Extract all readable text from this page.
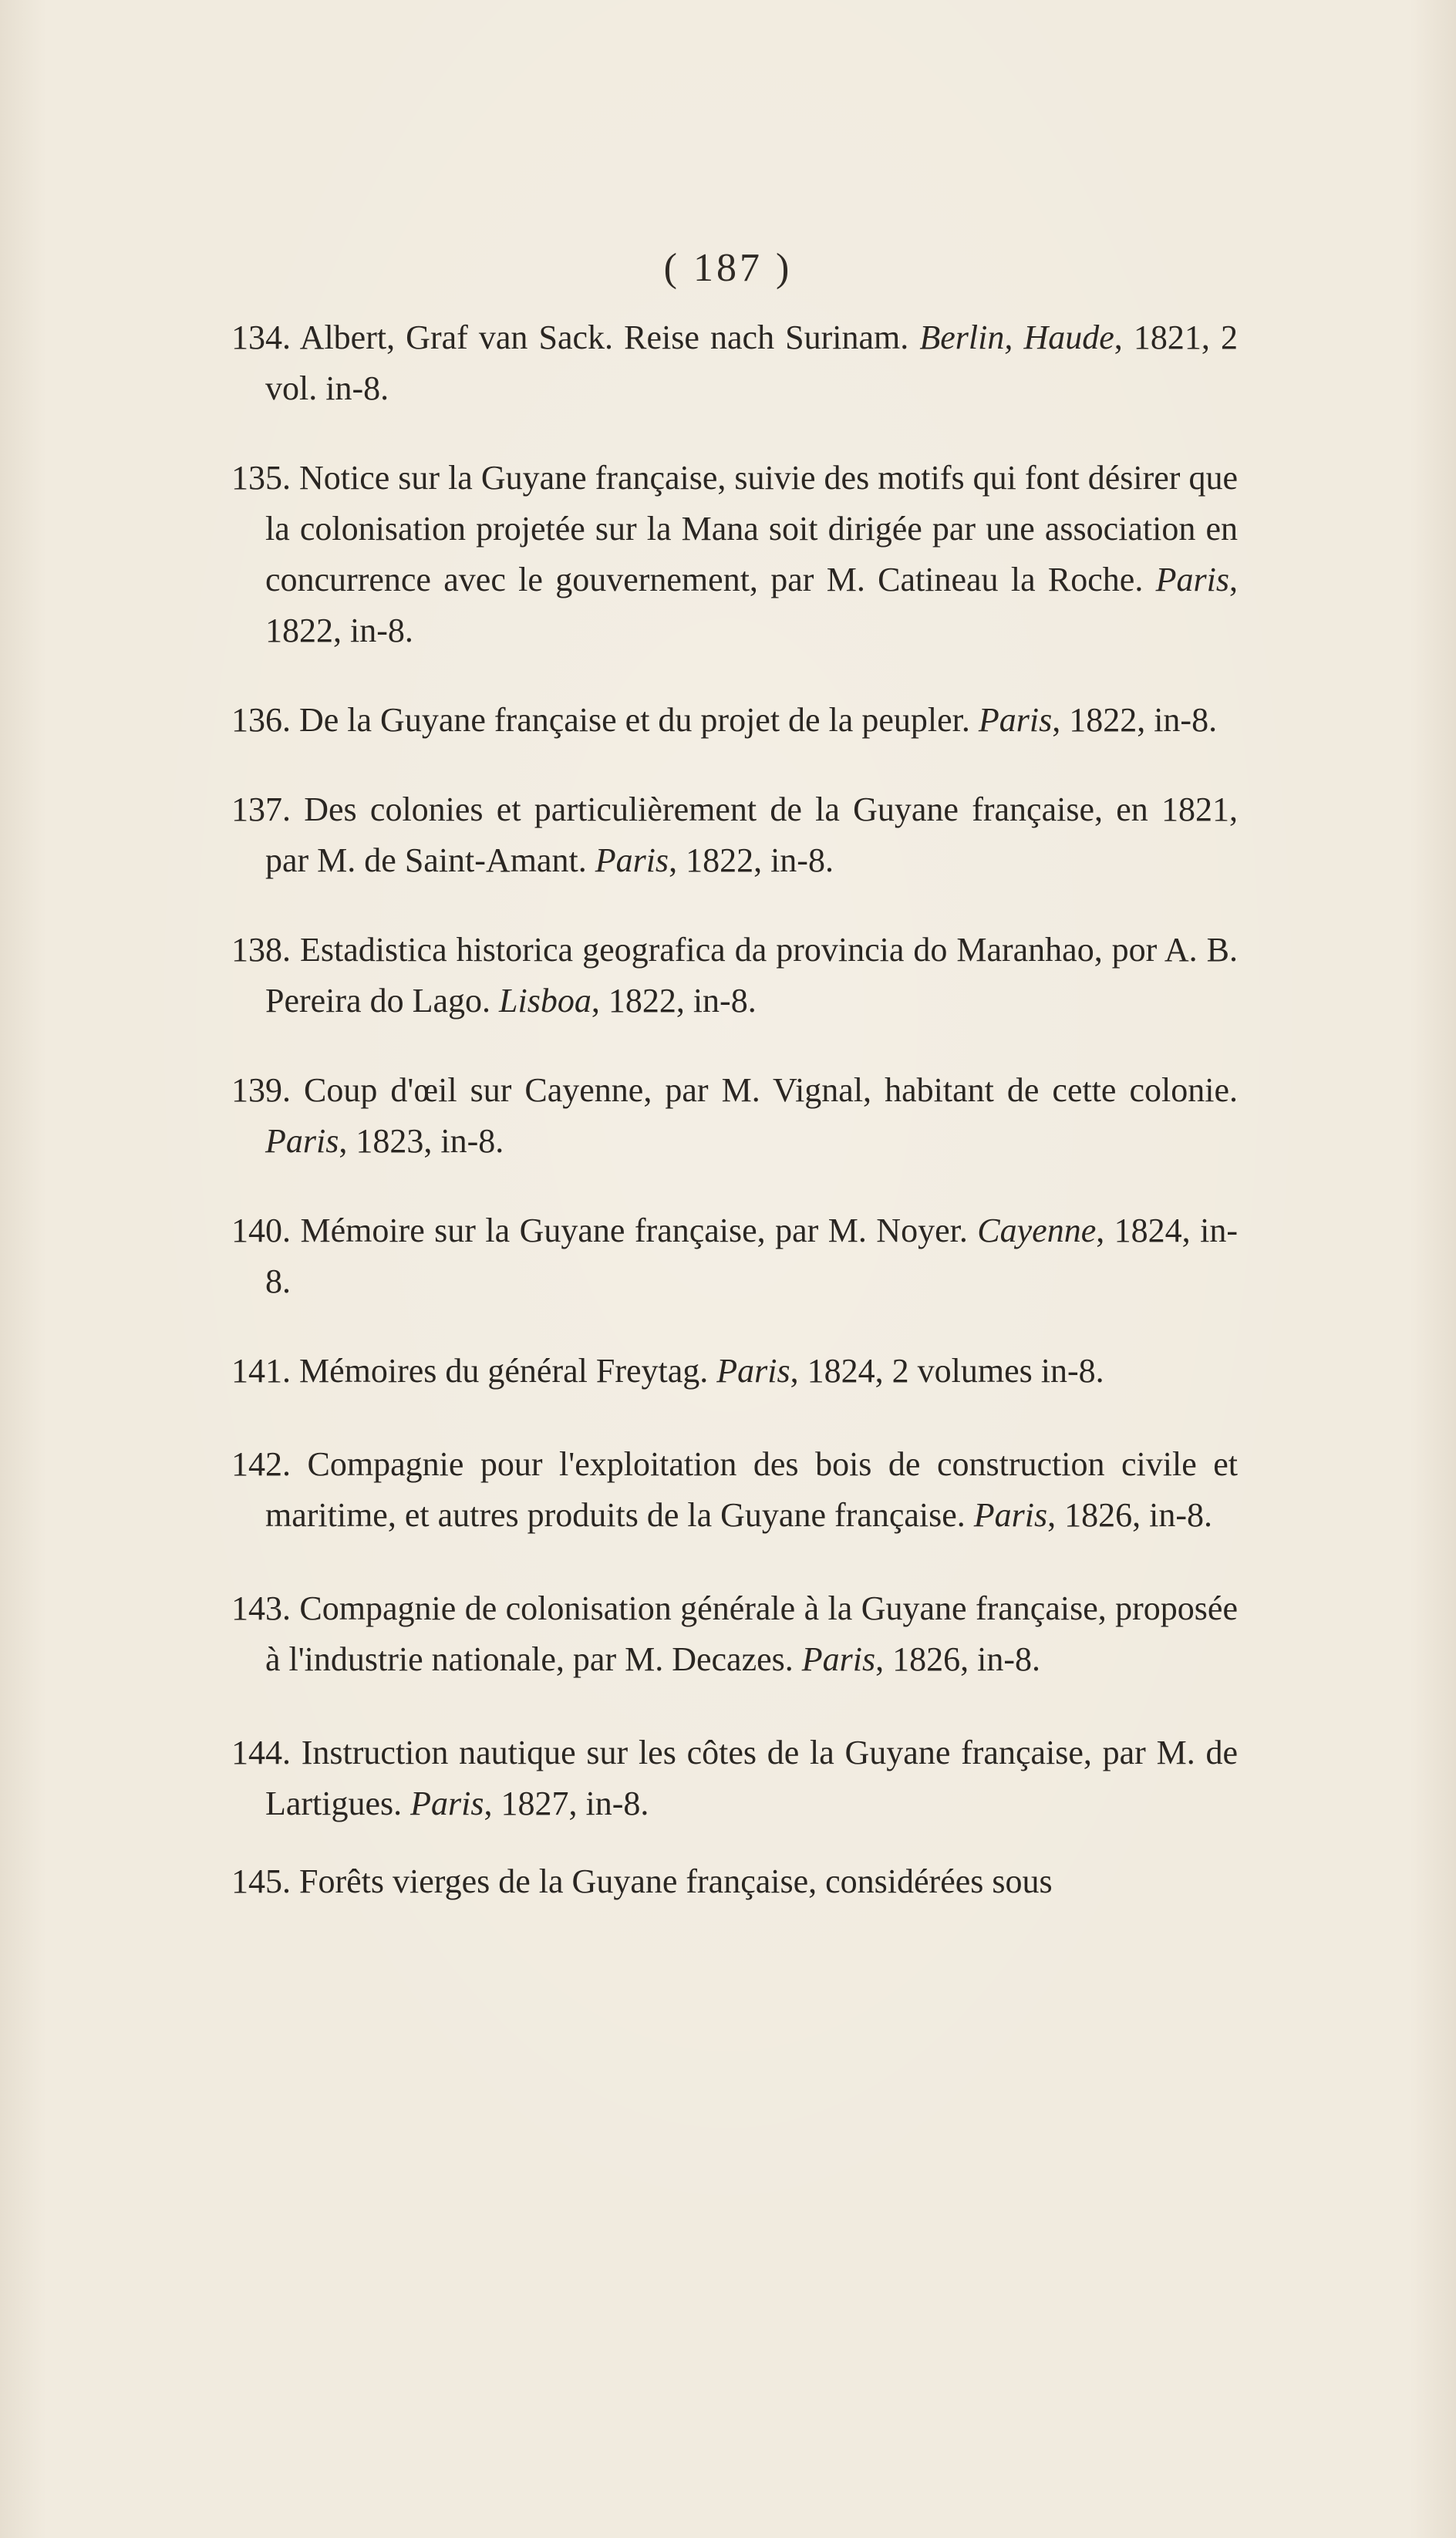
( 187 )

134. Albert, Graf van Sack. Reise nach Surinam. Berlin, Haude, 1821, 2 vol. in-8.

135. Notice sur la Guyane française, suivie des motifs qui font désirer que la colonisation projetée sur la Mana soit dirigée par une association en concurrence avec le gouvernement, par M. Catineau la Roche. Paris, 1822, in-8.

136. De la Guyane française et du projet de la peupler. Paris, 1822, in-8.

137. Des colonies et particulièrement de la Guyane française, en 1821, par M. de Saint-Amant. Paris, 1822, in-8.

138. Estadistica historica geografica da provincia do Maranhao, por A. B. Pereira do Lago. Lisboa, 1822, in-8.

139. Coup d'œil sur Cayenne, par M. Vignal, habitant de cette colonie. Paris, 1823, in-8.

140. Mémoire sur la Guyane française, par M. Noyer. Cayenne, 1824, in-8.

141. Mémoires du général Freytag. Paris, 1824, 2 volumes in-8.

142. Compagnie pour l'exploitation des bois de construction civile et maritime, et autres produits de la Guyane française. Paris, 1826, in-8.

143. Compagnie de colonisation générale à la Guyane française, proposée à l'industrie nationale, par M. Decazes. Paris, 1826, in-8.

144. Instruction nautique sur les côtes de la Guyane française, par M. de Lartigues. Paris, 1827, in-8.

145. Forêts vierges de la Guyane française, considérées sous
